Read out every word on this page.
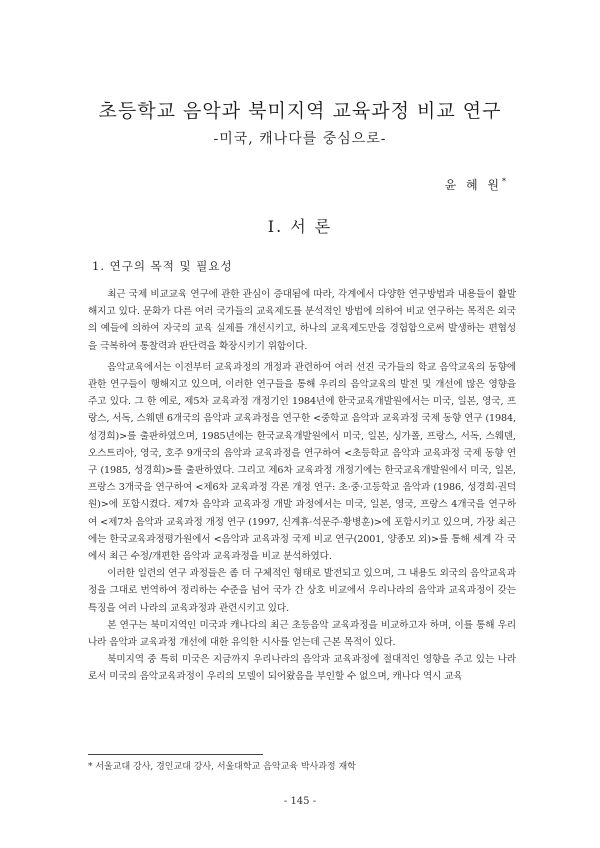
초등학교 음악과 북미지역 교육과정 비교 연구
-미국, 캐나다를 중심으로-
윤 혜 원*
I. 서 론
1. 연구의 목적 및 필요성

최근 국제 비교교육 연구에 관한 관심이 증대됨에 따라, 각계에서 다양한 연구방법과 내용들이 활발해지고 있다. 문화가 다른 여러 국가들의 교육제도를 분석적인 방법에 의하여 비교 연구하는 목적은 외국의 예들에 의하여 자국의 교육 실제를 개선시키고, 하나의 교육제도만을 경험함으로써 발생하는 편협성을 극복하여 통찰력과 판단력을 확장시키기 위함이다.

음악교육에서는 이전부터 교육과정의 개정과 관련하여 여러 선진 국가들의 학교 음악교육의 동향에 관한 연구들이 행해지고 있으며, 이러한 연구들을 통해 우리의 음악교육의 발전 및 개선에 많은 영향을 주고 있다. 그 한 예로, 제5차 교육과정 개정기인 1984년에 한국교육개발원에서는 미국, 일본, 영국, 프랑스, 서독, 스웨덴 6개국의 음악과 교육과정을 연구한 <중학교 음악과 교육과정 국제 동향 연구 (1984, 성경희)>를 출판하였으며, 1985년에는 한국교육개발원에서 미국, 일본, 싱가폴, 프랑스, 서독, 스웨덴, 오스트리아, 영국, 호주 9개국의 음악과 교육과정을 연구하여 <초등학교 음악과 교육과정 국제 동향 연구 (1985, 성경희)>를 출판하였다. 그리고 제6차 교육과정 개정기에는 한국교육개발원에서 미국, 일본, 프랑스 3개국을 연구하여 <제6차 교육과정 각론 개정 연구: 초·중·고등학교 음악과 (1986, 성경희·권덕원)>에 포함시켰다. 제7차 음악과 교육과정 개발 과정에서는 미국, 일본, 영국, 프랑스 4개국을 연구하여 <제7차 음악과 교육과정 개정 연구 (1997, 신계휴·석문주·황병훈)>에 포함시키고 있으며, 가장 최근에는 한국교육과정평가원에서 <음악과 교육과정 국제 비교 연구(2001, 양종모 외)>를 통해 세계 각 국에서 최근 수정/개편한 음악과 교육과정을 비교 분석하였다.

이러한 일련의 연구 과정들은 좀 더 구체적인 형태로 발전되고 있으며, 그 내용도 외국의 음악교육과정을 그대로 번역하여 정리하는 수준을 넘어 국가 간 상호 비교에서 우리나라의 음악과 교육과정이 갖는 특징을 여러 나라의 교육과정과 관련시키고 있다.

본 연구는 북미지역인 미국과 캐나다의 최근 초등음악 교육과정을 비교하고자 하며, 이를 통해 우리나라 음악과 교육과정 개선에 대한 유익한 시사를 얻는데 근본 목적이 있다.

북미지역 중 특히 미국은 지금까지 우리나라의 음악과 교육과정에 절대적인 영향을 주고 있는 나라로서 미국의 음악교육과정이 우리의 모델이 되어왔음을 부인할 수 없으며, 캐나다 역시 교육

* 서울교대 강사, 경인교대 강사, 서울대학교 음악교육 박사과정 재학
- 145 -
